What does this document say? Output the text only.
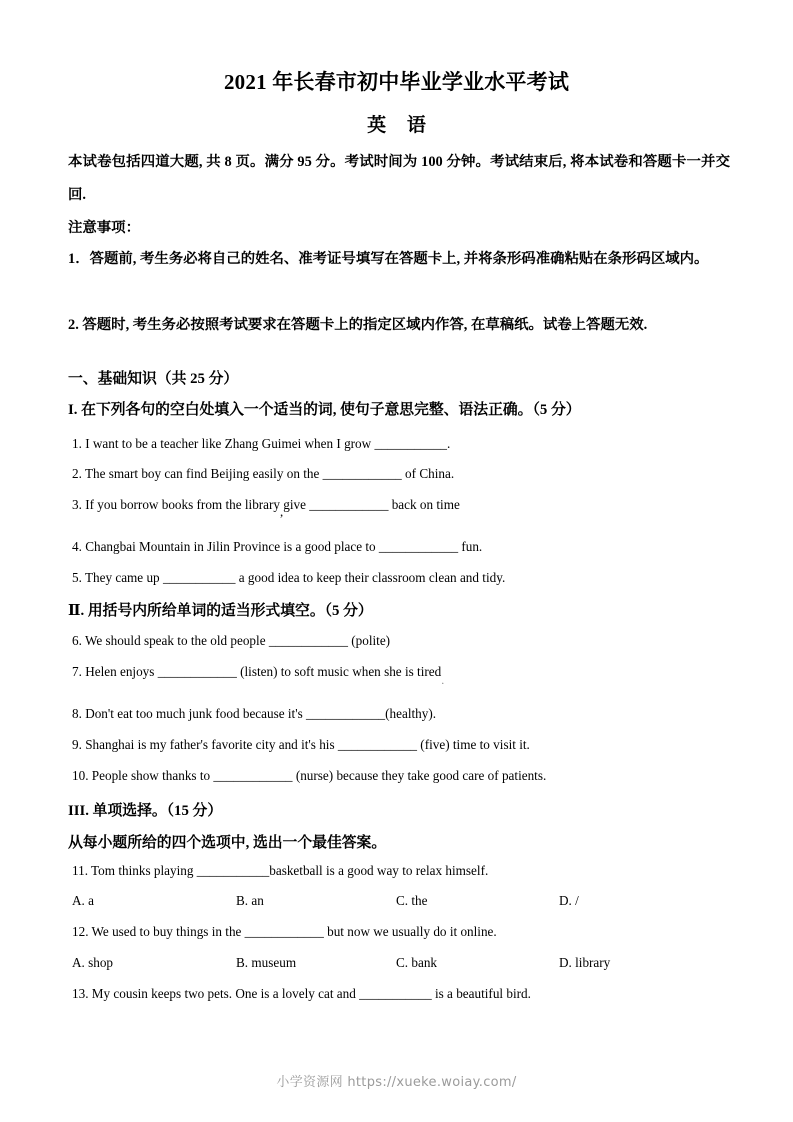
2021 年长春市初中毕业学业水平考试
英 语
本试卷包括四道大题, 共 8 页。满分 95 分。考试时间为 100 分钟。考试结束后, 将本试卷和答题卡一并交回.
注意事项：
1．答题前, 考生务必将自己的姓名、准考证号填写在答题卡上, 并将条形码准确粘贴在条形码区域内。
2. 答题时, 考生务必按照考试要求在答题卡上的指定区域内作答, 在草稿纸。试卷上答题无效.
一、基础知识（共 25 分）
I. 在下列各句的空白处填入一个适当的词, 使句子意思完整、语法正确。（5 分）
1. I want to be a teacher like Zhang Guimei when I grow ___________.
2. The smart boy can find Beijing easily on the ____________ of China.
3. If you borrow books from the library,give ____________ back on time
4. Changbai Mountain in Jilin Province is a good place to ____________ fun.
5. They came up ___________ a good idea to keep their classroom clean and tidy.
Ⅱ. 用括号内所给单词的适当形式填空。（5 分）
6. We should speak to the old people ____________ (polite)
7. Helen enjoys ____________ (listen) to soft music when she is tired.
8. Don't eat too much junk food because it's ____________(healthy).
9. Shanghai is my father's favorite city and it's his ____________ (five) time to visit it.
10. People show thanks to ____________ (nurse) because they take good care of patients.
III. 单项选择。（15 分）
从每小题所给的四个选项中, 选出一个最佳答案。
11. Tom thinks playing ___________basketball is a good way to relax himself.
A. a	B. an	C. the	D. /
12. We used to buy things in the ____________ but now we usually do it online.
A. shop	B. museum	C. bank	D. library
13. My cousin keeps two pets. One is a lovely cat and ___________ is a beautiful bird.
小学资源网 https://xueke.woiay.com/
